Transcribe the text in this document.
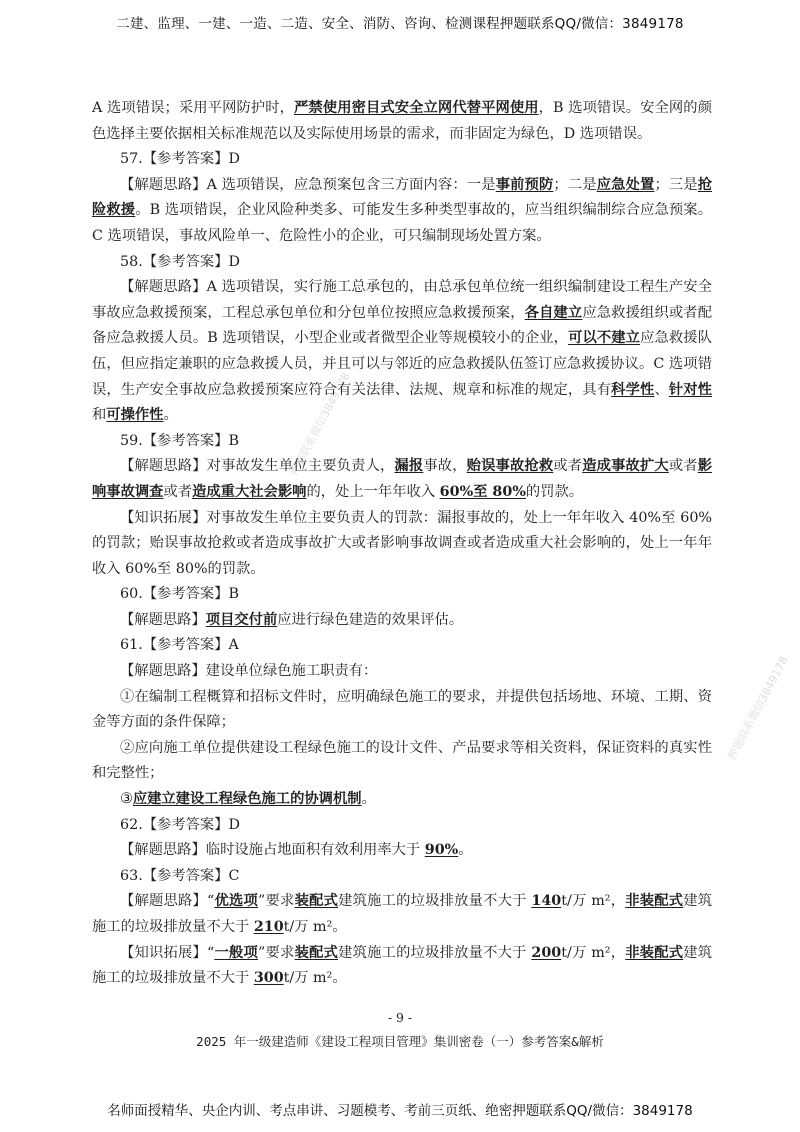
二建、监理、一建、一造、二造、安全、消防、咨询、检测课程押题联系QQ/微信：3849178
押题联系微信3849178
押题联系微信3849178

A 选项错误；采用平网防护时，严禁使用密目式安全立网代替平网使用，B 选项错误。安全网的颜色选择主要依据相关标准规范以及实际使用场景的需求，而非固定为绿色，D 选项错误。

57.【参考答案】D

【解题思路】A 选项错误，应急预案包含三方面内容：一是事前预防；二是应急处置；三是抢险救援。B 选项错误，企业风险种类多、可能发生多种类型事故的，应当组织编制综合应急预案。C 选项错误，事故风险单一、危险性小的企业，可只编制现场处置方案。

58.【参考答案】D

【解题思路】A 选项错误，实行施工总承包的，由总承包单位统一组织编制建设工程生产安全事故应急救援预案，工程总承包单位和分包单位按照应急救援预案，各自建立应急救援组织或者配备应急救援人员。B 选项错误，小型企业或者微型企业等规模较小的企业，可以不建立应急救援队伍，但应指定兼职的应急救援人员，并且可以与邻近的应急救援队伍签订应急救援协议。C 选项错误，生产安全事故应急救援预案应符合有关法律、法规、规章和标准的规定，具有科学性、针对性和可操作性。

59.【参考答案】B

【解题思路】对事故发生单位主要负责人，漏报事故，贻误事故抢救或者造成事故扩大或者影响事故调查或者造成重大社会影响的，处上一年年收入 60%至 80%的罚款。

【知识拓展】对事故发生单位主要负责人的罚款：漏报事故的，处上一年年收入 40%至 60%的罚款；贻误事故抢救或者造成事故扩大或者影响事故调查或者造成重大社会影响的，处上一年年收入 60%至 80%的罚款。

60.【参考答案】B

【解题思路】项目交付前应进行绿色建造的效果评估。

61.【参考答案】A

【解题思路】建设单位绿色施工职责有：

①在编制工程概算和招标文件时，应明确绿色施工的要求，并提供包括场地、环境、工期、资金等方面的条件保障；

②应向施工单位提供建设工程绿色施工的设计文件、产品要求等相关资料，保证资料的真实性和完整性；

③应建立建设工程绿色施工的协调机制。

62.【参考答案】D

【解题思路】临时设施占地面积有效利用率大于 90%。

63.【参考答案】C

【解题思路】“优选项”要求装配式建筑施工的垃圾排放量不大于 140t/万 m²，非装配式建筑施工的垃圾排放量不大于 210t/万 m²。

【知识拓展】“一般项”要求装配式建筑施工的垃圾排放量不大于 200t/万 m²，非装配式建筑施工的垃圾排放量不大于 300t/万 m²。

- 9 -
2025 年一级建造师《建设工程项目管理》集训密卷（一）参考答案&解析
名师面授精华、央企内训、考点串讲、习题模考、考前三页纸、绝密押题联系QQ/微信：3849178
